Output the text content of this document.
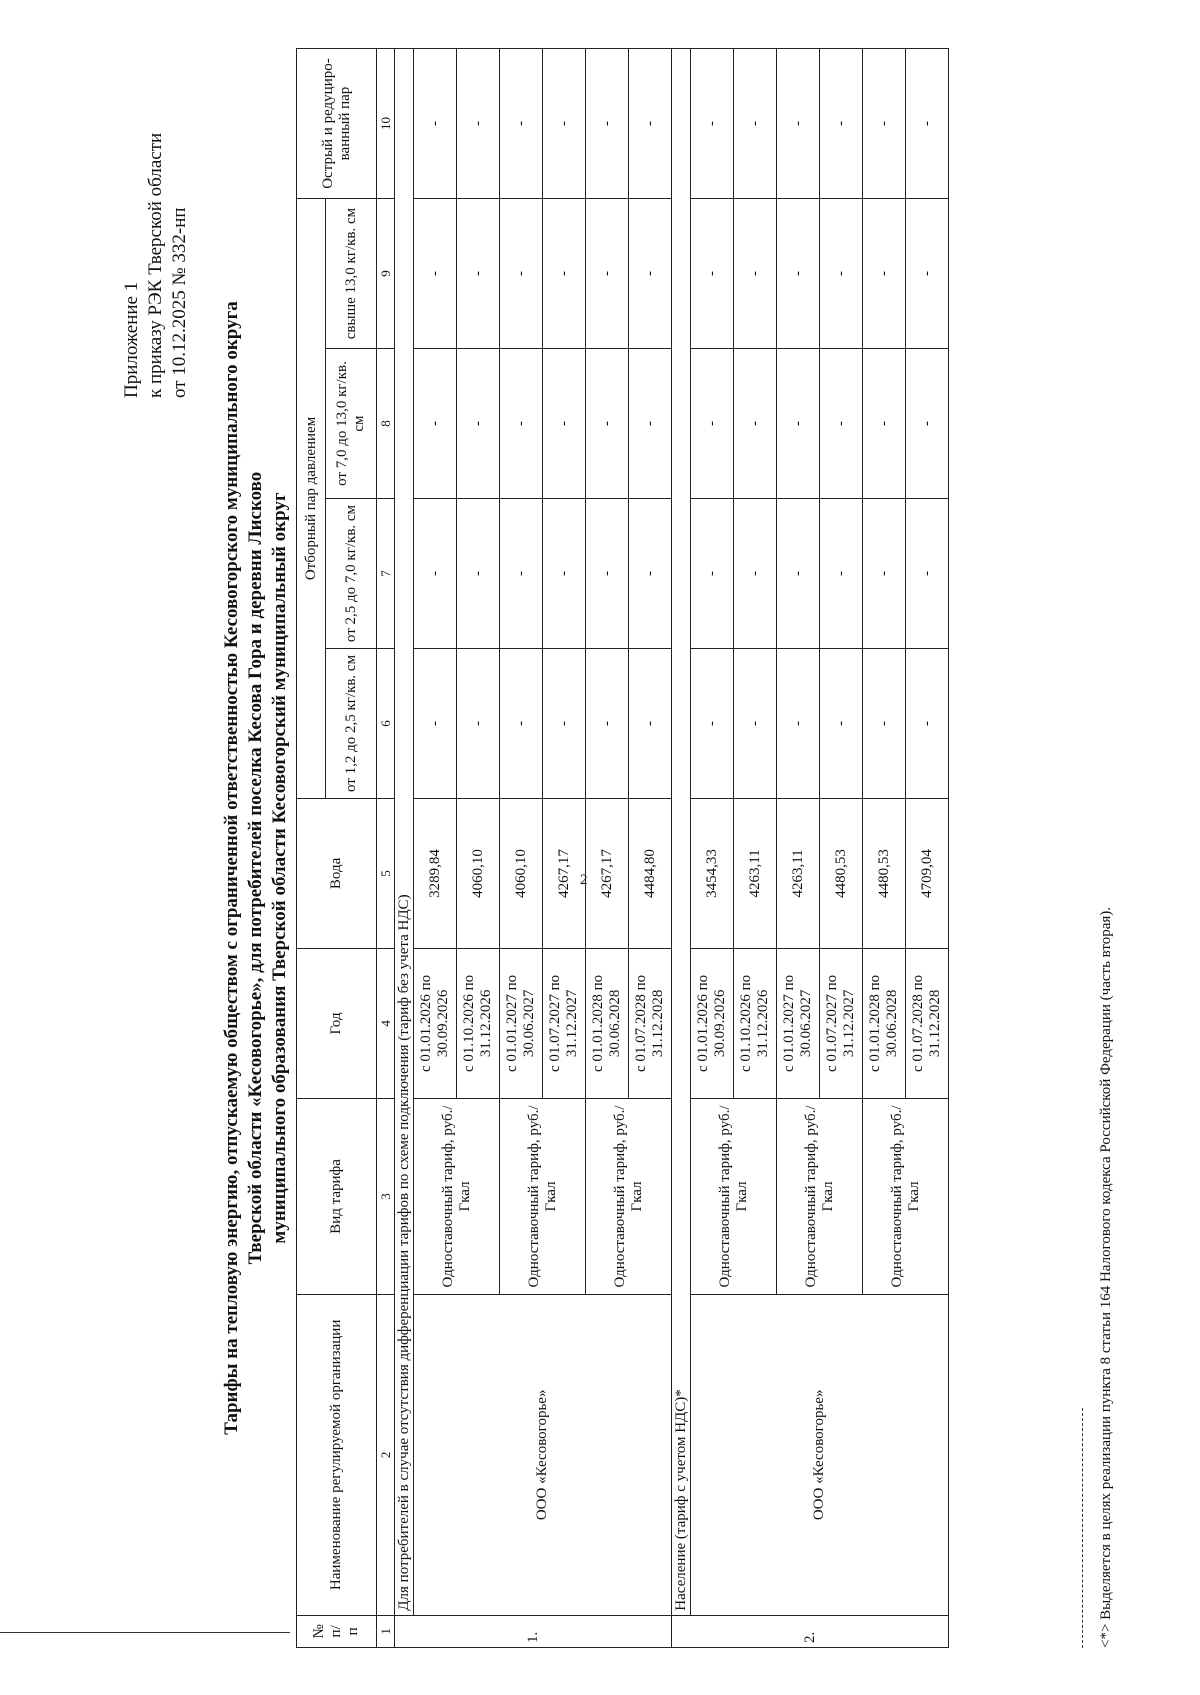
2
Приложение 1 к приказу РЭК Тверской области от 10.12.2025 № 332-нп Тарифы на тепловую энергию, отпускаемую обществом с ограниченной ответственностью Кесовогорского муниципального округа Тверской области «Кесовогорье», для потребителей поселка Кесова Гора и деревни Лисково муниципального образования Тверской области Кесовогорский муниципальный округ
№ п/ п	Наименование регулируемой организации	Вид тарифа	Год	Вода	Отборный пар давлением				Острый и редуциро-ванный пар
					от 1,2 до 2,5 кг/кв. см	от 2,5 до 7,0 кг/кв. см	от 7,0 до 13,0 кг/кв. см	свыше 13,0 кг/кв. см	
1	2	3	4	5	6	7	8	9	10
1.	Для потребителей в случае отсутствия дифференциации тарифов по схеме подключения (тариф без учета НДС)								
	ООО «Кесовогорье»	Одноставочный тариф, руб./Гкал	с 01.01.2026 по 30.09.2026	3289,84	-	-	-	-	-
			с 01.10.2026 по 31.12.2026	4060,10	-	-	-	-	-
		Одноставочный тариф, руб./Гкал	с 01.01.2027 по 30.06.2027	4060,10	-	-	-	-	-
			с 01.07.2027 по 31.12.2027	4267,17	-	-	-	-	-
		Одноставочный тариф, руб./Гкал	с 01.01.2028 по 30.06.2028	4267,17	-	-	-	-	-
			с 01.07.2028 по 31.12.2028	4484,80	-	-	-	-	-
2.	Население (тариф с учетом НДС)*								
	ООО «Кесовогорье»	Одноставочный тариф, руб./Гкал	с 01.01.2026 по 30.09.2026	3454,33	-	-	-	-	-
			с 01.10.2026 по 31.12.2026	4263,11	-	-	-	-	-
		Одноставочный тариф, руб./Гкал	с 01.01.2027 по 30.06.2027	4263,11	-	-	-	-	-
			с 01.07.2027 по 31.12.2027	4480,53	-	-	-	-	-
		Одноставочный тариф, руб./Гкал	с 01.01.2028 по 30.06.2028	4480,53	-	-	-	-	-
			с 01.07.2028 по 31.12.2028	4709,04	-	-	-	-	-
<*> Выделяется в целях реализации пункта 8 статьи 164 Налогового кодекса Российской Федерации (часть вторая).
